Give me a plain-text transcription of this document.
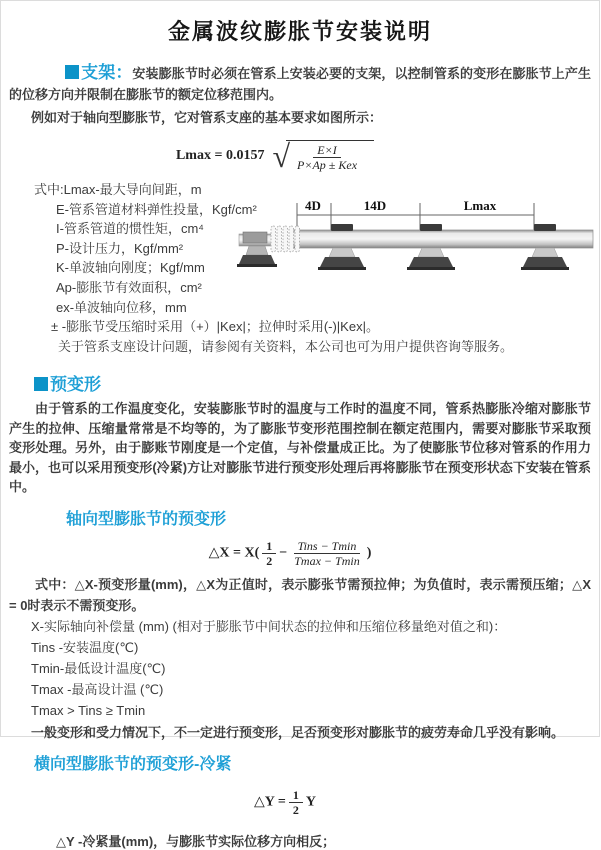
金属波纹膨胀节安装说明

支架：安装膨胀节时必须在管系上安装必要的支架，以控制管系的变形在膨胀节上产生的位移方向并限制在膨胀节的额定位移范围内。

例如对于轴向型膨胀节，它对管系支座的基本要求如图所示：

Lmax = 0.0157 √ $\frac{E\times I}{\text{P×Ap ± Kex}}$
式中:Lmax-最大导向间距，m
E-管系管道材料弹性投量，Kgf/cm²
I-管系管道的惯性矩，cm⁴
P-设计压力，Kgf/mm²
K-单波轴向刚度；Kgf/mm
Ap-膨胀节有效面积，cm²
ex-单波轴向位移，mm
± -膨胀节受压缩时采用（+）|Kex|；拉伸时采用(-)|Kex|。
关于管系支座设计问题，请参阅有关资料，本公司也可为用户提供咨询等服务。
4D	14D	Lmax
预变形

由于管系的工作温度变化，安装膨胀节时的温度与工作时的温度不同，管系热膨胀冷缩对膨胀节产生的拉伸、压缩量常常是不均等的，为了膨胀节变形范围控制在额定范围内，需要对膨胀节采取预变形处理。另外，由于膨账节刚度是一个定值，与补偿量成正比。为了使膨胀节位移对管系的作用力最小，也可以采用预变形(冷紧)方让对膨胀节进行预变形处理后再将膨胀节在预变形状态下安装在管系中。

轴向型膨胀节的预变形
△X = $X( \frac{1}{2} - \frac{\text{Tins − Tmin}}{Tmax - Tmin}$ )

式中：△X-预变形量(mm)，△X为正值时，表示膨张节需预拉伸；为负值时，表示需预压缩；△X = 0时表示不需预变形。

X-实际轴向补偿量 (mm) (相对于膨胀节中间状态的拉伸和压缩位移量绝对值之和)：
Tins -安装温度(℃)
Tmin-最低设计温度(℃)
Tmax -最高设计温 (℃)
Tmax > Tins ≥ Tmin

一般变形和受力情况下，不一定进行预变形，足否预变形对膨胀节的疲劳寿命几乎没有影响。

横向型膨胀节的预变形-冷紧
△Y = $\frac{1}{2}$ Y

△Y -冷紧量(mm)，与膨胀节实际位移方向相反；
